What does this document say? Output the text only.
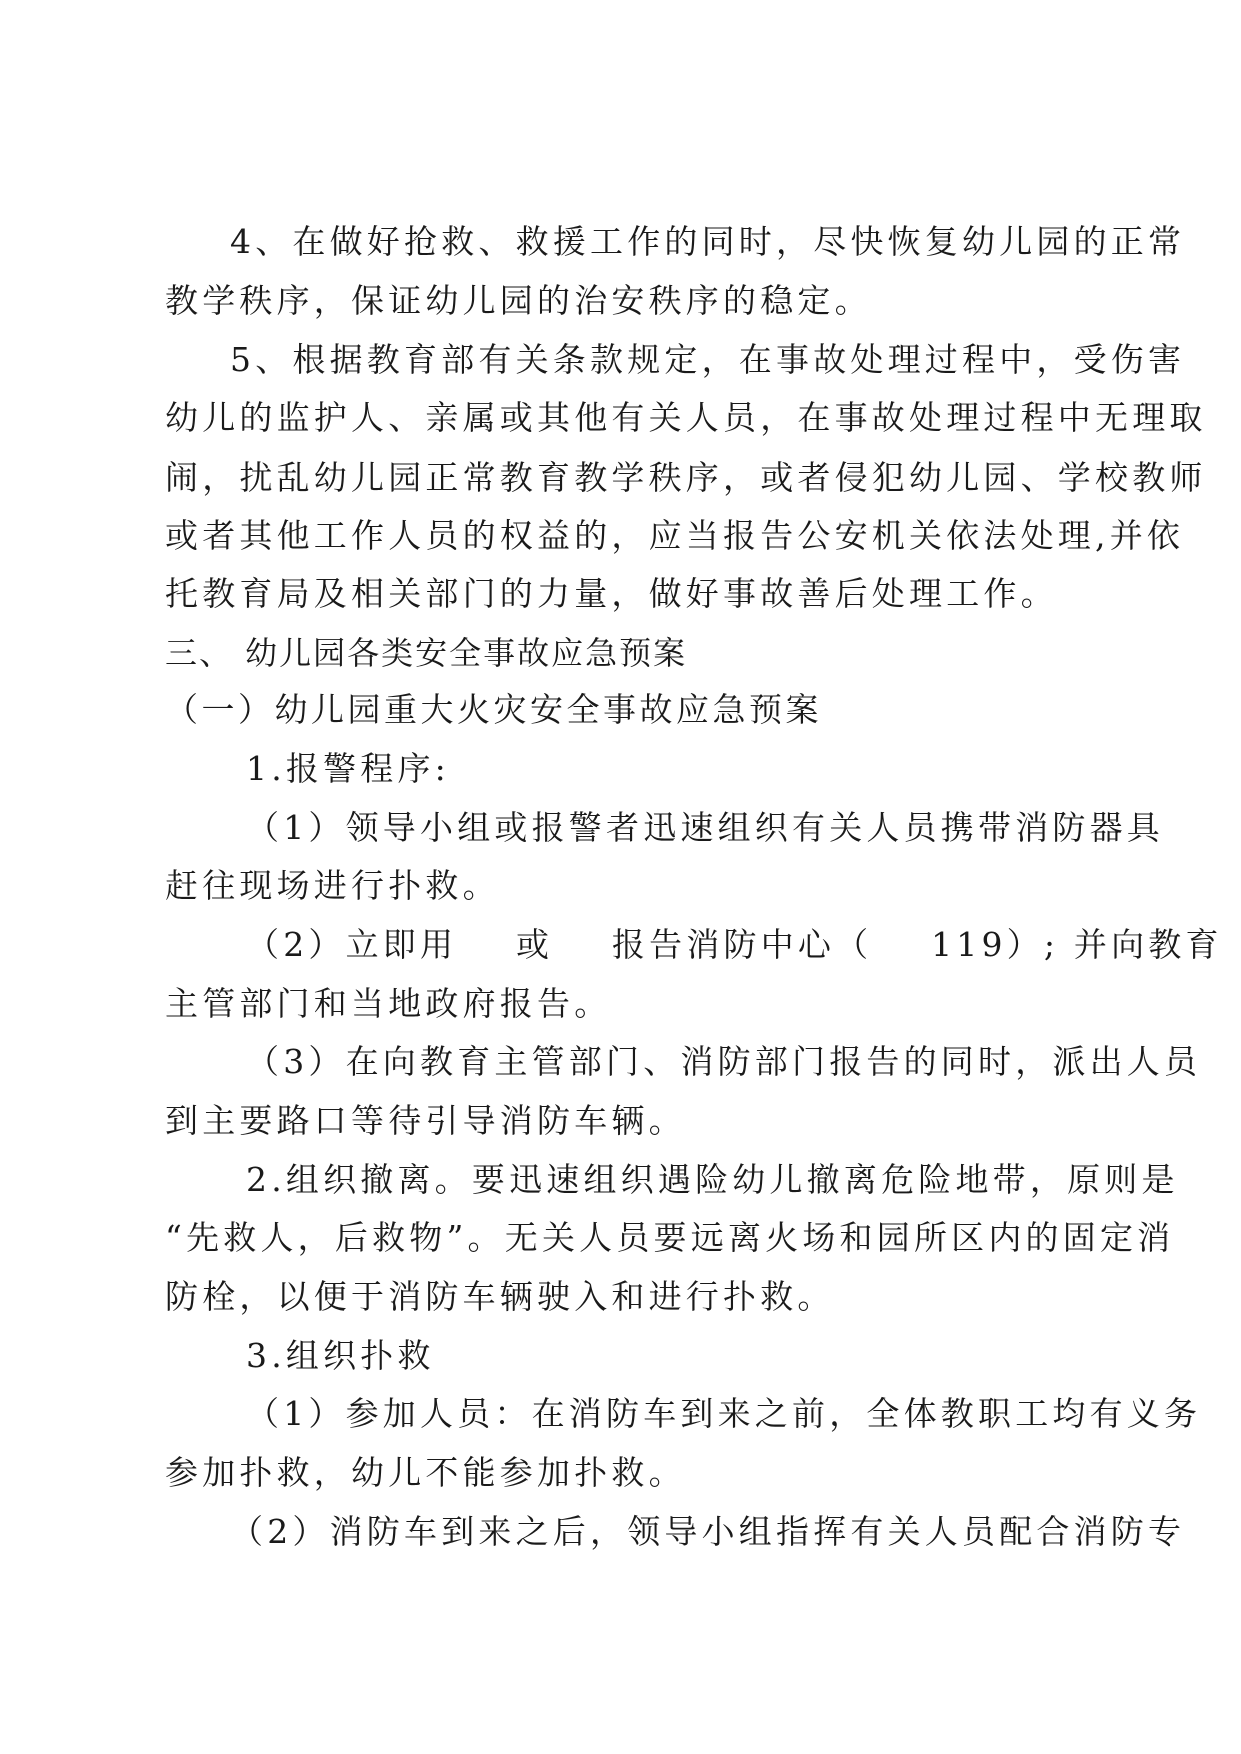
4、在做好抢救、救援工作的同时，尽快恢复幼儿园的正常
教学秩序，保证幼儿园的治安秩序的稳定。
5、根据教育部有关条款规定，在事故处理过程中，受伤害
幼儿的监护人、亲属或其他有关人员，在事故处理过程中无理取
闹，扰乱幼儿园正常教育教学秩序，或者侵犯幼儿园、学校教师
或者其他工作人员的权益的，应当报告公安机关依法处理,并依
托教育局及相关部门的力量，做好事故善后处理工作。
三、 幼儿园各类安全事故应急预案
（一）幼儿园重大火灾安全事故应急预案
1.报警程序:
（1）领导小组或报警者迅速组织有关人员携带消防器具
赶往现场进行扑救。
（2）立即用    或    报告消防中心（    119）; 并向教育
主管部门和当地政府报告。
（3）在向教育主管部门、消防部门报告的同时，派出人员
到主要路口等待引导消防车辆。
2.组织撤离。要迅速组织遇险幼儿撤离危险地带，原则是
“先救人，后救物”。无关人员要远离火场和园所区内的固定消
防栓，以便于消防车辆驶入和进行扑救。
3.组织扑救
（1）参加人员：在消防车到来之前，全体教职工均有义务
参加扑救，幼儿不能参加扑救。
（2）消防车到来之后，领导小组指挥有关人员配合消防专
